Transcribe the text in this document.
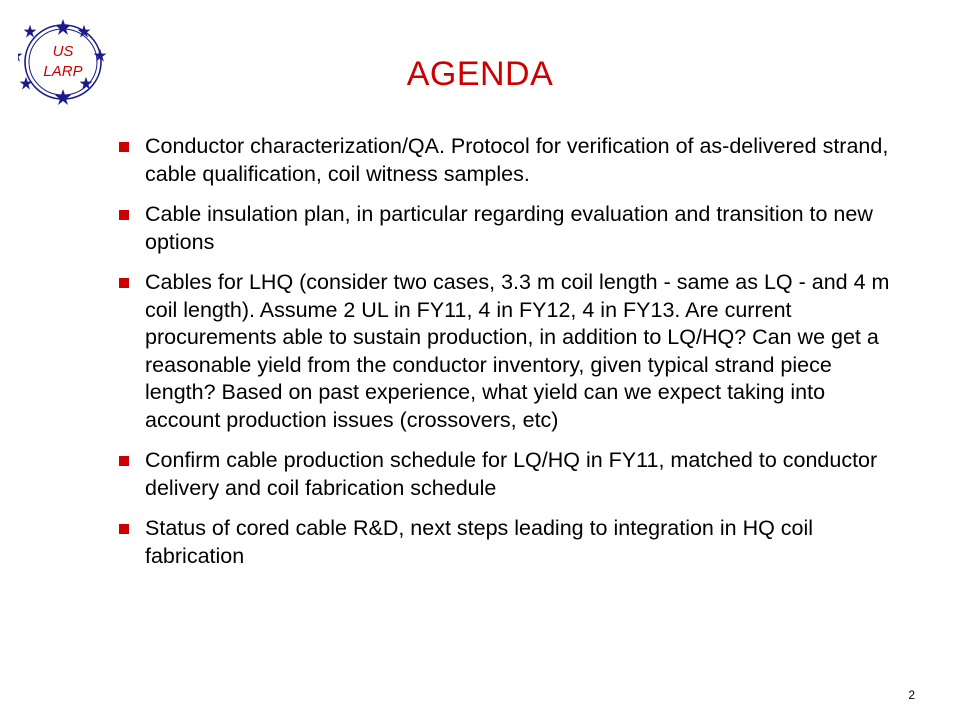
US
LARP	AGENDA
Conductor characterization/QA. Protocol for verification of as-delivered strand, cable qualification, coil witness samples.
Cable insulation plan, in particular regarding evaluation and transition to new options
Cables for LHQ (consider two cases, 3.3 m coil length - same as LQ - and 4 m coil length). Assume 2 UL in FY11, 4 in FY12, 4 in FY13. Are current procurements able to sustain production, in addition to LQ/HQ? Can we get a reasonable yield from the conductor inventory, given typical strand piece length? Based on past experience, what yield can we expect taking into account production issues (crossovers, etc)
Confirm cable production schedule for LQ/HQ in FY11, matched to conductor delivery and coil fabrication schedule
Status of cored cable R&D, next steps leading to integration in HQ coil fabrication
2
